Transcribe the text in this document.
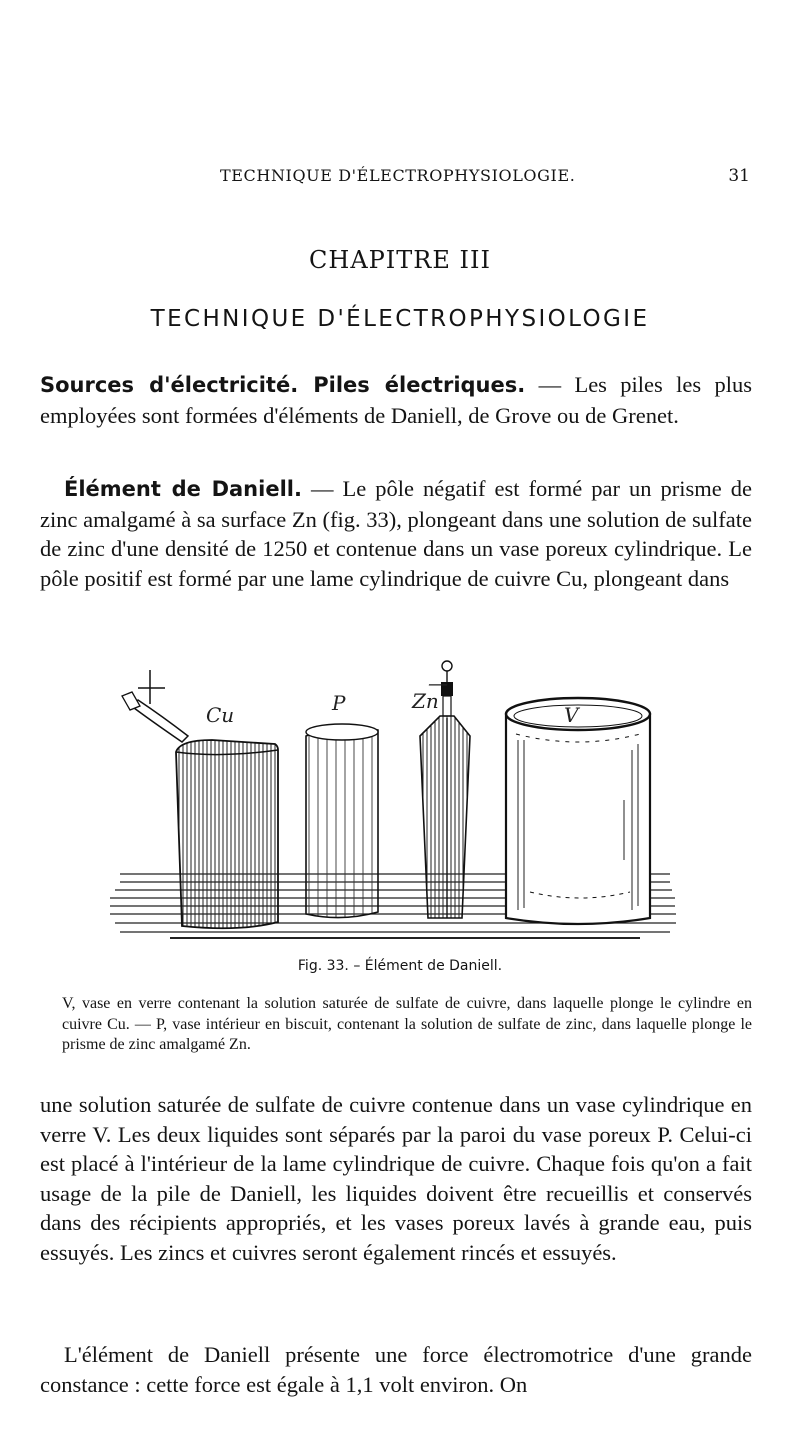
TECHNIQUE D'ÉLECTROPHYSIOLOGIE.	31
CHAPITRE III
TECHNIQUE D'ÉLECTROPHYSIOLOGIE

Sources d'électricité. Piles électriques. — Les piles les plus employées sont formées d'éléments de Daniell, de Grove ou de Grenet.

Élément de Daniell. — Le pôle négatif est formé par un prisme de zinc amalgamé à sa surface Zn (fig. 33), plongeant dans une solution de sulfate de zinc d'une densité de 1250 et contenue dans un vase poreux cylindrique. Le pôle positif est formé par une lame cylindrique de cuivre Cu, plongeant dans

Cu	P	Zn
—
V
Fig. 33. – Élément de Daniell.

V, vase en verre contenant la solution saturée de sulfate de cuivre, dans laquelle plonge le cylindre en cuivre Cu. — P, vase intérieur en biscuit, contenant la solution de sulfate de zinc, dans laquelle plonge le prisme de zinc amalgamé Zn.

une solution saturée de sulfate de cuivre contenue dans un vase cylindrique en verre V. Les deux liquides sont séparés par la paroi du vase poreux P. Celui-ci est placé à l'intérieur de la lame cylindrique de cuivre. Chaque fois qu'on a fait usage de la pile de Daniell, les liquides doivent être recueillis et conservés dans des récipients appropriés, et les vases poreux lavés à grande eau, puis essuyés. Les zincs et cuivres seront également rincés et essuyés.

L'élément de Daniell présente une force électromotrice d'une grande constance : cette force est égale à 1,1 volt environ. On
